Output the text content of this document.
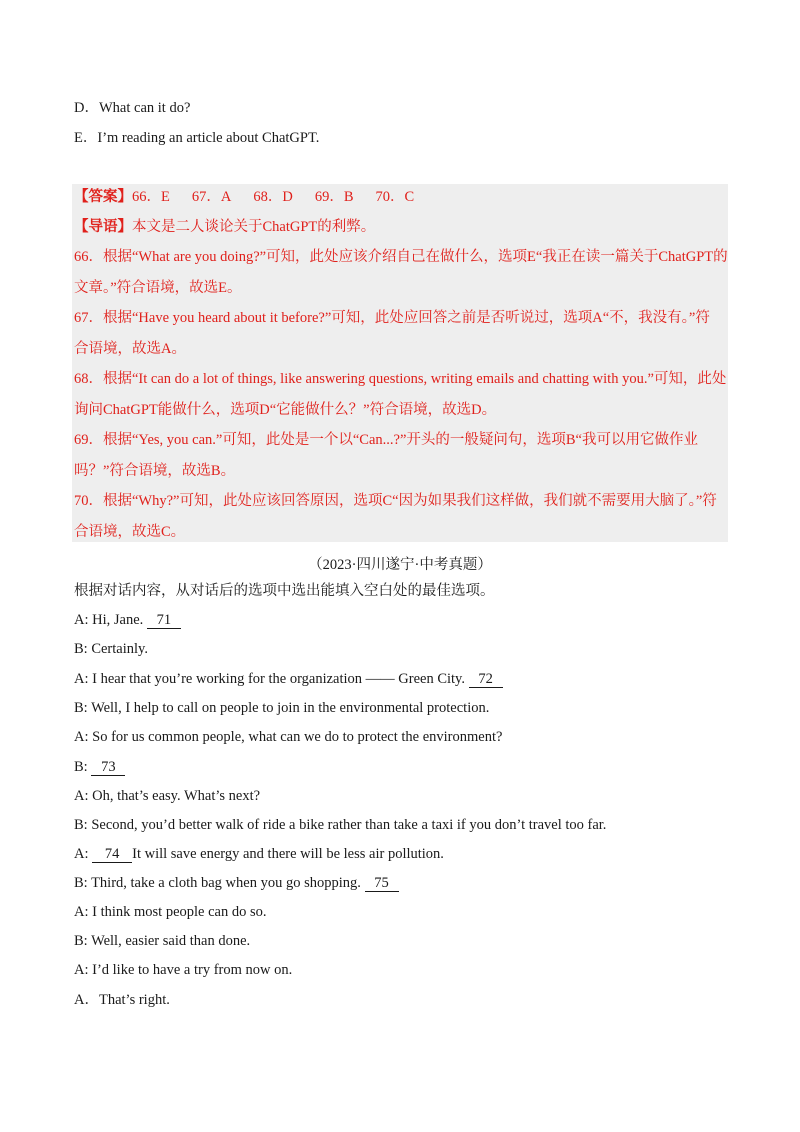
D．What can it do?
E．I’m reading an article about ChatGPT.
【答案】66．E 67．A 68．D 69．B 70．C
【导语】本文是二人谈论关于ChatGPT的利弊。
66．根据“What are you doing?”可知，此处应该介绍自己在做什么，选项E“我正在读一篇关于ChatGPT的
文章。”符合语境，故选E。
67．根据“Have you heard about it before?”可知，此处应回答之前是否听说过，选项A“不，我没有。”符
合语境，故选A。
68．根据“It can do a lot of things, like answering questions, writing emails and chatting with you.”可知，此处
询问ChatGPT能做什么，选项D“它能做什么？”符合语境，故选D。
69．根据“Yes, you can.”可知，此处是一个以“Can...?”开头的一般疑问句，选项B“我可以用它做作业
吗？”符合语境，故选B。
70．根据“Why?”可知，此处应该回答原因，选项C“因为如果我们这样做，我们就不需要用大脑了。”符
合语境，故选C。
（2023·四川遂宁·中考真题）
根据对话内容，从对话后的选项中选出能填入空白处的最佳选项。
A: Hi, Jane. 71
B: Certainly.
A: I hear that you’re working for the organization —— Green City. 72
B: Well, I help to call on people to join in the environmental protection.
A: So for us common people, what can we do to protect the environment?
B: 73
A: Oh, that’s easy. What’s next?
B: Second, you’d better walk of ride a bike rather than take a taxi if you don’t travel too far.
A: 74 It will save energy and there will be less air pollution.
B: Third, take a cloth bag when you go shopping. 75
A: I think most people can do so.
B: Well, easier said than done.
A: I’d like to have a try from now on.
A．That’s right.
